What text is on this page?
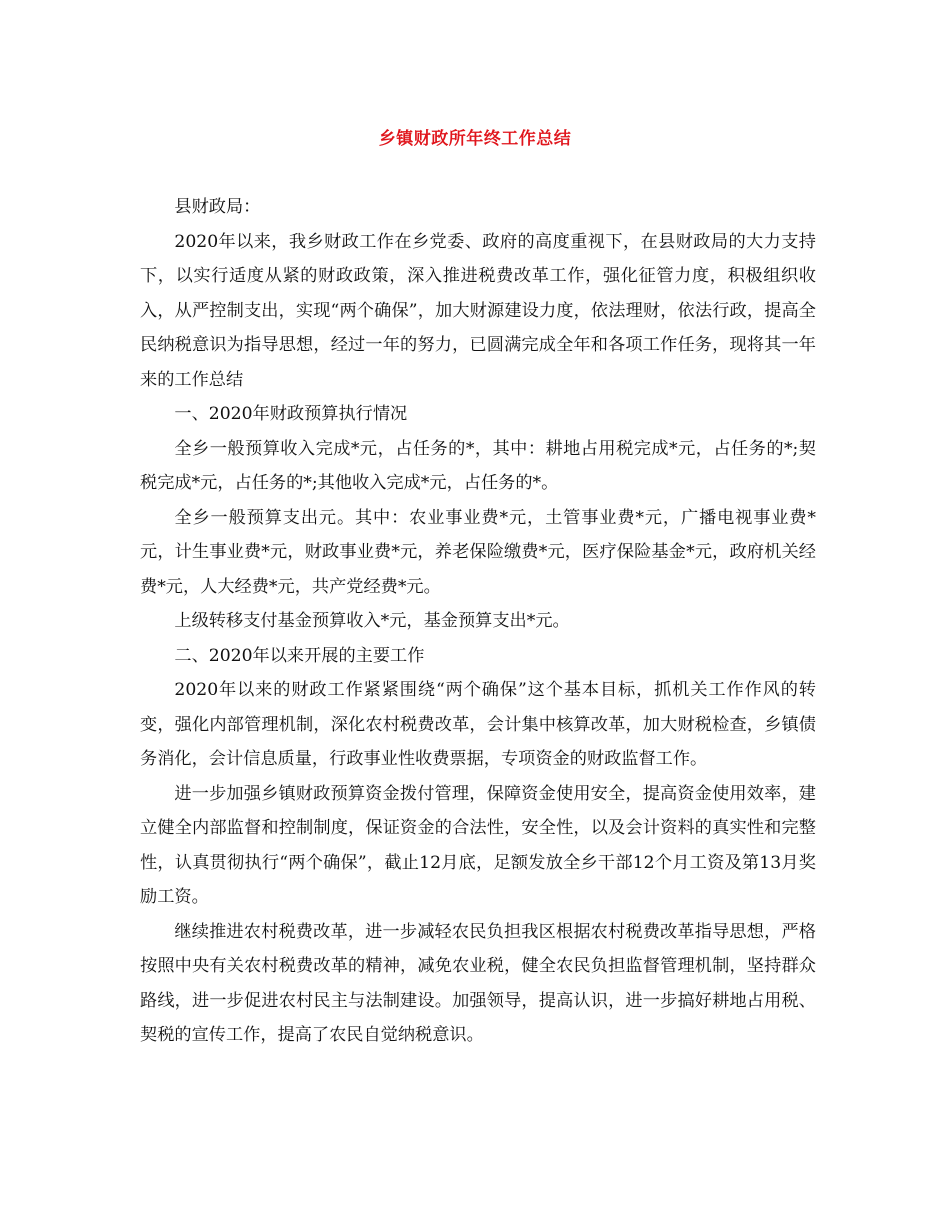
乡镇财政所年终工作总结

县财政局：

2020年以来，我乡财政工作在乡党委、政府的高度重视下，在县财政局的大力支持下，以实行适度从紧的财政政策，深入推进税费改革工作，强化征管力度，积极组织收入，从严控制支出，实现“两个确保”，加大财源建设力度，依法理财，依法行政，提高全民纳税意识为指导思想，经过一年的努力，已圆满完成全年和各项工作任务，现将其一年来的工作总结

一、2020年财政预算执行情况

全乡一般预算收入完成*元，占任务的*，其中：耕地占用税完成*元，占任务的*;契税完成*元，占任务的*;其他收入完成*元，占任务的*。

全乡一般预算支出元。其中：农业事业费*元，土管事业费*元，广播电视事业费*元，计生事业费*元，财政事业费*元，养老保险缴费*元，医疗保险基金*元，政府机关经费*元，人大经费*元，共产党经费*元。

上级转移支付基金预算收入*元，基金预算支出*元。

二、2020年以来开展的主要工作

2020年以来的财政工作紧紧围绕“两个确保”这个基本目标，抓机关工作作风的转变，强化内部管理机制，深化农村税费改革，会计集中核算改革，加大财税检查，乡镇债务消化，会计信息质量，行政事业性收费票据，专项资金的财政监督工作。

进一步加强乡镇财政预算资金拨付管理，保障资金使用安全，提高资金使用效率，建立健全内部监督和控制制度，保证资金的合法性，安全性，以及会计资料的真实性和完整性，认真贯彻执行“两个确保”，截止12月底，足额发放全乡干部12个月工资及第13月奖励工资。

继续推进农村税费改革，进一步减轻农民负担我区根据农村税费改革指导思想，严格按照中央有关农村税费改革的精神，减免农业税，健全农民负担监督管理机制，坚持群众路线，进一步促进农村民主与法制建设。加强领导，提高认识，进一步搞好耕地占用税、契税的宣传工作，提高了农民自觉纳税意识。
